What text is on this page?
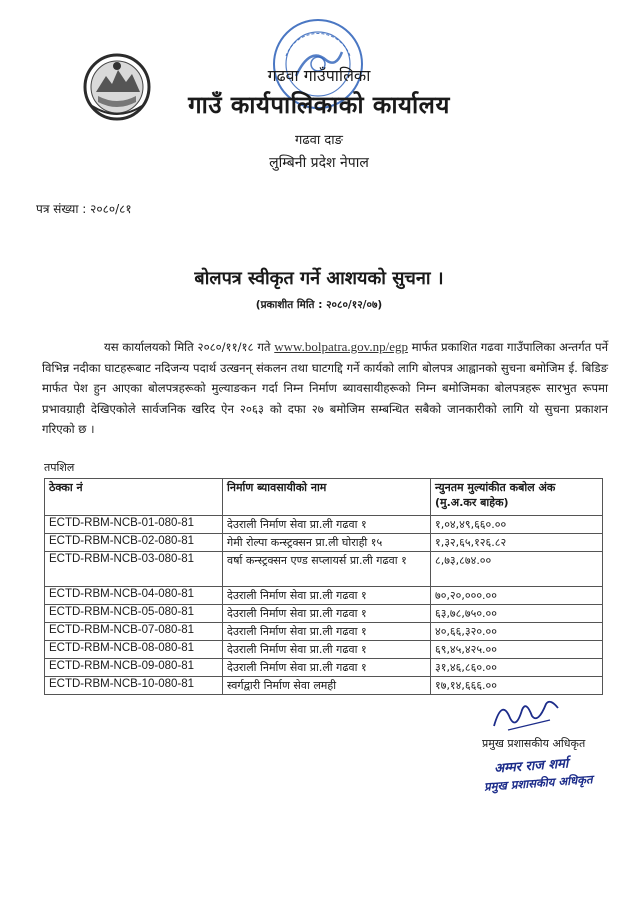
गढवा गाउँपालिका
गाउँ कार्यपालिकाको कार्यालय
गढवा दाङ
लुम्बिनी प्रदेश नेपाल
पत्र संख्या : २०८०/८१
बोलपत्र स्वीकृत गर्ने आशयको सुचना ।
(प्रकाशीत मिति : २०८०/१२/०७)
यस कार्यालयको मिति २०८०/११/१८ गते www.bolpatra.gov.np/egp मार्फत प्रकाशित गढवा गाउँपालिका अन्तर्गत पर्ने विभिन्न नदीका घाटहरूबाट नदिजन्य पदार्थ उत्खनन् संकलन तथा घाटगद्दि गर्ने कार्यको लागि बोलपत्र आह्वानको सुचना बमोजिम ई. बिडिङ मार्फत पेश हुन आएका बोलपत्रहरूको मुल्याङकन गर्दा निम्न निर्माण ब्यावसायीहरूको निम्न बमोजिमका बोलपत्रहरू सारभुत रूपमा प्रभावग्राही देखिएकोले सार्वजनिक खरिद ऐन २०६३ को दफा २७ बमोजिम सम्बन्धित सबैको जानकारीको लागि यो सुचना प्रकाशन गरिएको छ ।
तपशिल
ठेक्का नं	निर्माण ब्यावसायीको नाम	न्युनतम मुल्यांकीत कबोल अंक (मु.अ.कर बाहेक)
ECTD-RBM-NCB-01-080-81	देउराली निर्माण सेवा प्रा.ली गढवा १	१,०४,४९,६६०.००
ECTD-RBM-NCB-02-080-81	गेमी रोल्पा कन्स्ट्रक्सन प्रा.ली घोराही १५	१,३२,६५,१२६.८२
ECTD-RBM-NCB-03-080-81	वर्षा कन्स्ट्रक्सन एण्ड सप्लायर्स प्रा.ली गढवा १	८,७३,८७४.००
ECTD-RBM-NCB-04-080-81	देउराली निर्माण सेवा प्रा.ली गढवा १	७०,२०,०००.००
ECTD-RBM-NCB-05-080-81	देउराली निर्माण सेवा प्रा.ली गढवा १	६३,७८,७५०.००
ECTD-RBM-NCB-07-080-81	देउराली निर्माण सेवा प्रा.ली गढवा १	४०,६६,३२०.००
ECTD-RBM-NCB-08-080-81	देउराली निर्माण सेवा प्रा.ली गढवा १	६९,४५,४२५.००
ECTD-RBM-NCB-09-080-81	देउराली निर्माण सेवा प्रा.ली गढवा १	३१,४६,८६०.००
ECTD-RBM-NCB-10-080-81	स्वर्गद्वारी निर्माण सेवा लमही	१७,१४,६६६.००
प्रमुख प्रशासकीय अधिकृत
अम्मर राज शर्मा
प्रमुख प्रशासकीय अधिकृत
